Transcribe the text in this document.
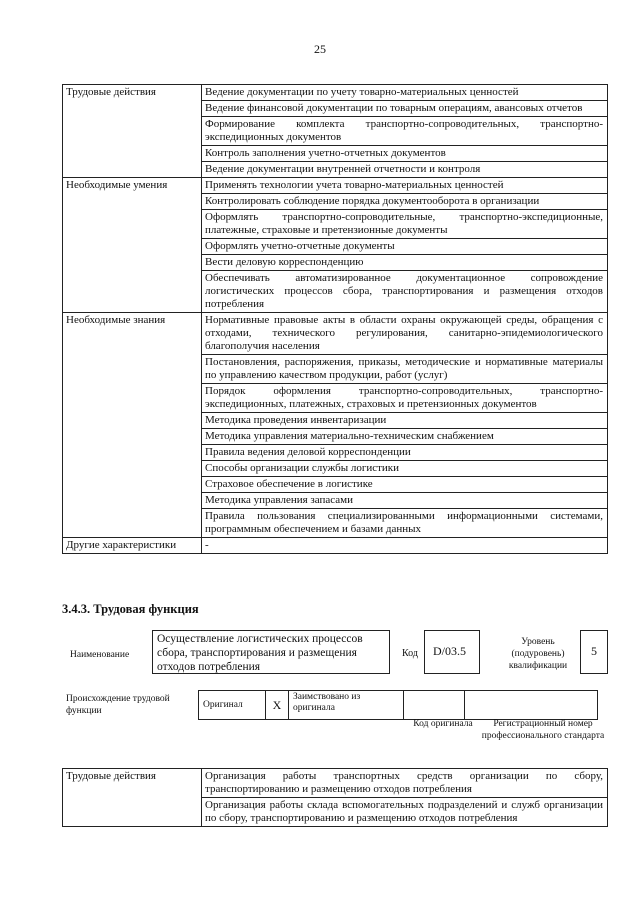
25
Трудовые действия	Ведение документации по учету товарно-материальных ценностей
	Ведение финансовой документации по товарным операциям, авансовых отчетов
	Формирование комплекта транспортно-сопроводительных, транспортно-экспедиционных документов
	Контроль заполнения учетно-отчетных документов
	Ведение документации внутренней отчетности и контроля
Необходимые умения	Применять технологии учета товарно-материальных ценностей
	Контролировать соблюдение порядка документооборота в организации
	Оформлять транспортно-сопроводительные, транспортно-экспедиционные, платежные, страховые и претензионные документы
	Оформлять учетно-отчетные документы
	Вести деловую корреспонденцию
	Обеспечивать автоматизированное документационное сопровождение логистических процессов сбора, транспортирования и размещения отходов потребления
Необходимые знания	Нормативные правовые акты в области охраны окружающей среды, обращения с отходами, технического регулирования, санитарно-эпидемиологического благополучия населения
	Постановления, распоряжения, приказы, методические и нормативные материалы по управлению качеством продукции, работ (услуг)
	Порядок оформления транспортно-сопроводительных, транспортно-экспедиционных, платежных, страховых и претензионных документов
	Методика проведения инвентаризации
	Методика управления материально-техническим снабжением
	Правила ведения деловой корреспонденции
	Способы организации службы логистики
	Страховое обеспечение в логистике
	Методика управления запасами
	Правила пользования специализированными информационными системами, программным обеспечением и базами данных
Другие характеристики	-
3.4.3. Трудовая функция
Наименование
Осуществление логистических процессов сбора, транспортирования и размещения отходов потребления
Код	D/03.5
Уровень (подуровень) квалификации
5
Происхождение трудовой функции
Оригинал	X	Заимствовано из оригинала		
Код оригинала	Регистрационный номер профессионального стандарта
Трудовые действия	Организация работы транспортных средств организации по сбору, транспортированию и размещению отходов потребления
Организация работы склада вспомогательных подразделений и служб организации по сбору, транспортированию и размещению отходов потребления
